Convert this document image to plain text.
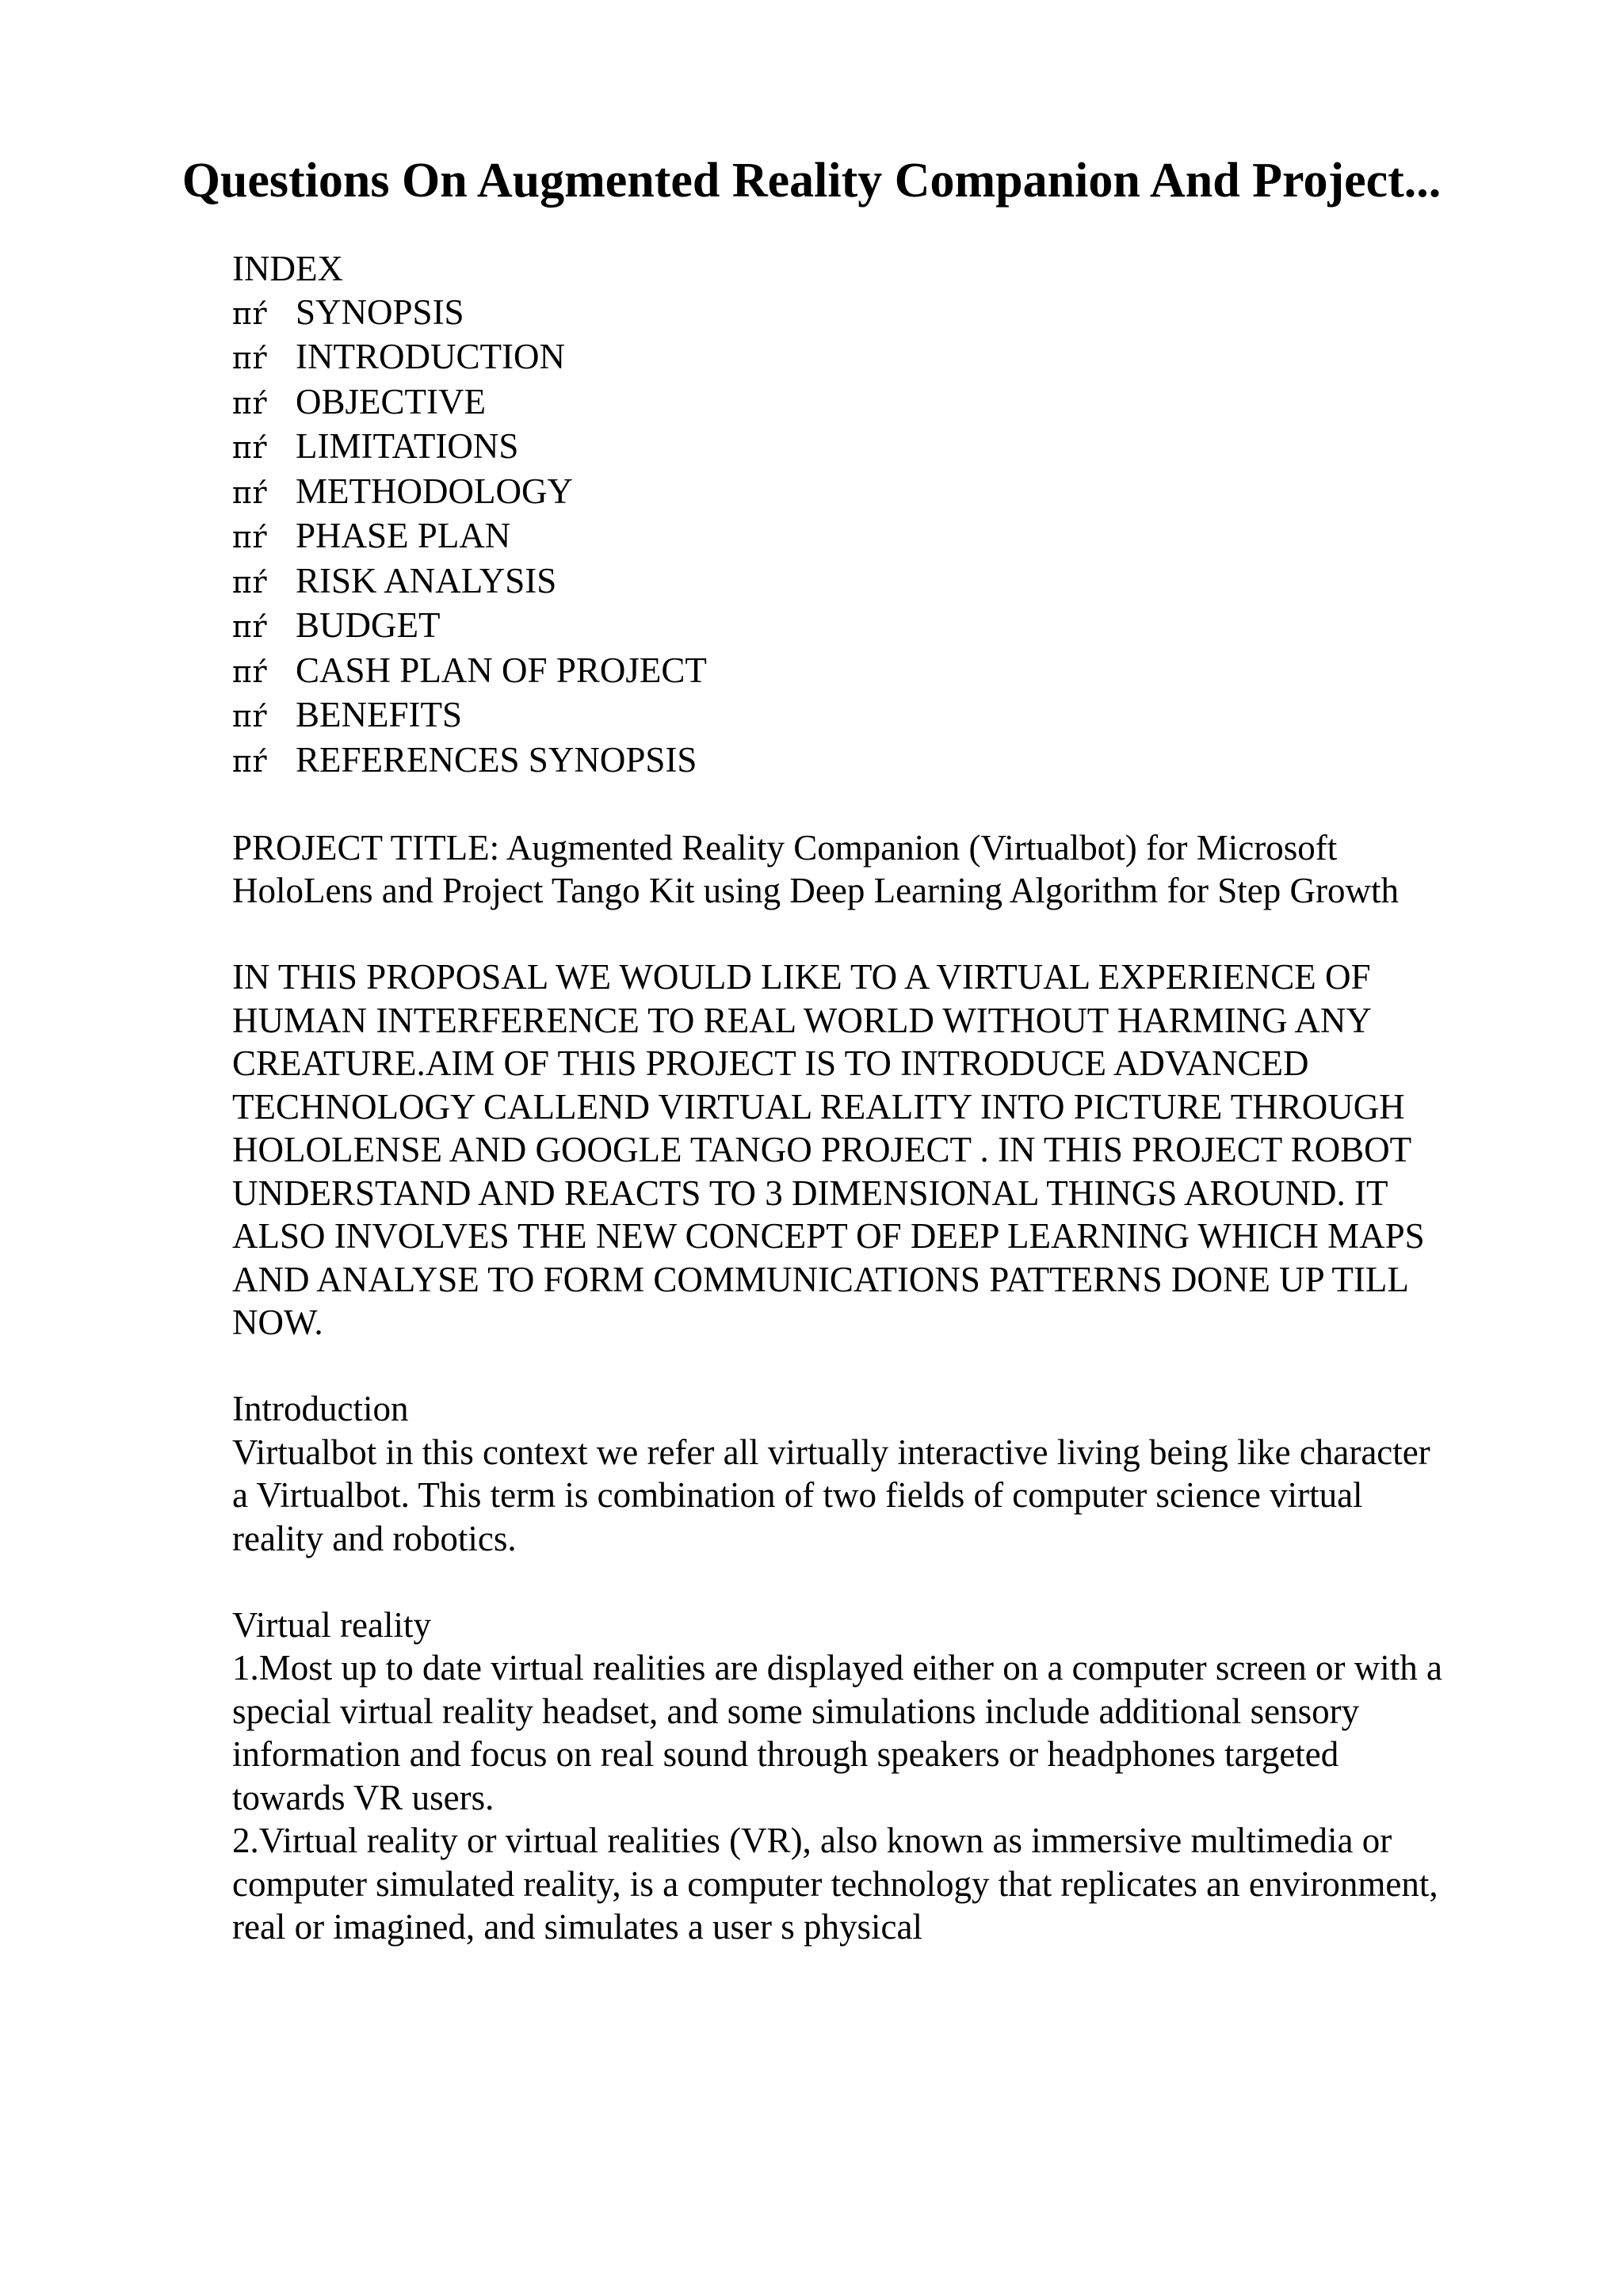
Questions On Augmented Reality Companion And Project...

INDEX

пŕ SYNOPSIS
пŕ INTRODUCTION
пŕ OBJECTIVE
пŕ LIMITATIONS
пŕ METHODOLOGY
пŕ PHASE PLAN
пŕ RISK ANALYSIS
пŕ BUDGET
пŕ CASH PLAN OF PROJECT
пŕ BENEFITS
пŕ REFERENCES SYNOPSIS

PROJECT TITLE: Augmented Reality Companion (Virtualbot) for Microsoft

HoloLens and Project Tango Kit using Deep Learning Algorithm for Step Growth

IN THIS PROPOSAL WE WOULD LIKE TO A VIRTUAL EXPERIENCE OF

HUMAN INTERFERENCE TO REAL WORLD WITHOUT HARMING ANY

CREATURE.AIM OF THIS PROJECT IS TO INTRODUCE ADVANCED

TECHNOLOGY CALLEND VIRTUAL REALITY INTO PICTURE THROUGH

HOLOLENSE AND GOOGLE TANGO PROJECT . IN THIS PROJECT ROBOT

UNDERSTAND AND REACTS TO 3 DIMENSIONAL THINGS AROUND. IT

ALSO INVOLVES THE NEW CONCEPT OF DEEP LEARNING WHICH MAPS

AND ANALYSE TO FORM COMMUNICATIONS PATTERNS DONE UP TILL

NOW.

Introduction

Virtualbot in this context we refer all virtually interactive living being like character

a Virtualbot. This term is combination of two fields of computer science virtual

reality and robotics.

Virtual reality

1.Most up to date virtual realities are displayed either on a computer screen or with a

special virtual reality headset, and some simulations include additional sensory

information and focus on real sound through speakers or headphones targeted

towards VR users.

2.Virtual reality or virtual realities (VR), also known as immersive multimedia or

computer simulated reality, is a computer technology that replicates an environment,

real or imagined, and simulates a user s physical
